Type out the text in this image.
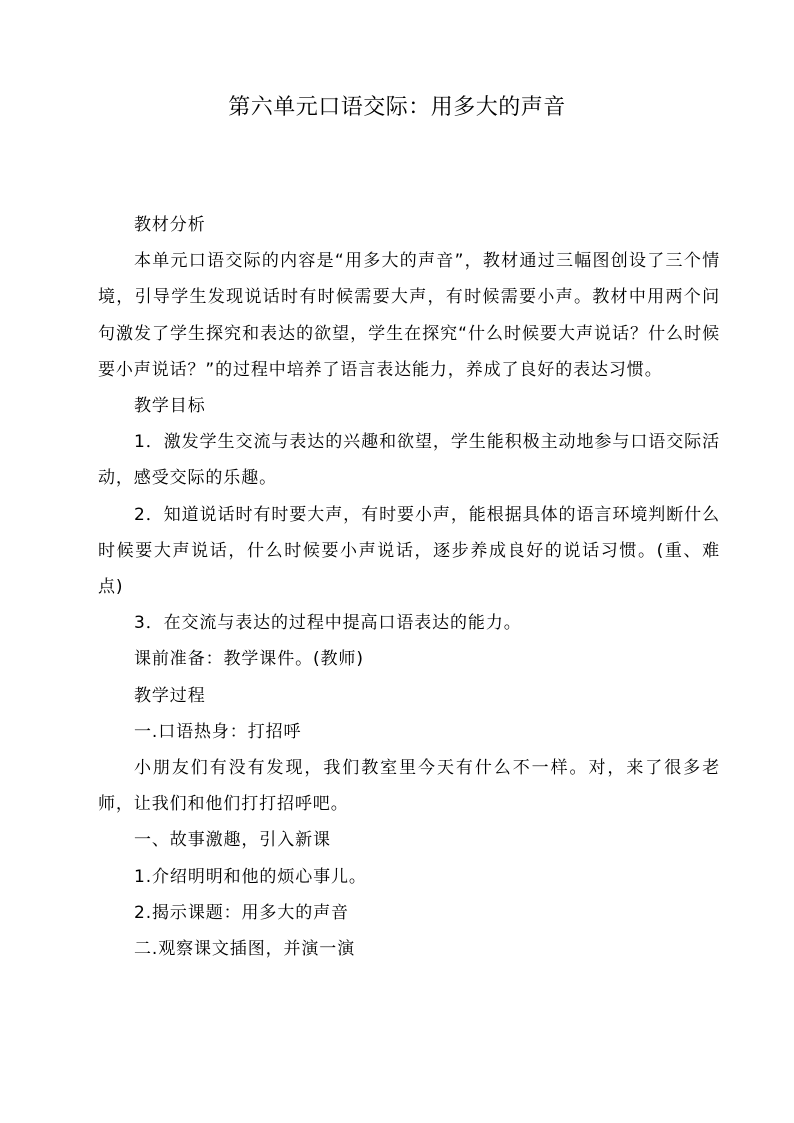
第六单元口语交际：用多大的声音

教材分析

本单元口语交际的内容是“用多大的声音”，教材通过三幅图创设了三个情境，引导学生发现说话时有时候需要大声，有时候需要小声。教材中用两个问句激发了学生探究和表达的欲望，学生在探究“什么时候要大声说话？什么时候要小声说话？”的过程中培养了语言表达能力，养成了良好的表达习惯。

教学目标

1．激发学生交流与表达的兴趣和欲望，学生能积极主动地参与口语交际活动，感受交际的乐趣。

2．知道说话时有时要大声，有时要小声，能根据具体的语言环境判断什么时候要大声说话，什么时候要小声说话，逐步养成良好的说话习惯。(重、难点)

3．在交流与表达的过程中提高口语表达的能力。

课前准备：教学课件。(教师)

教学过程

一.口语热身：打招呼

小朋友们有没有发现，我们教室里今天有什么不一样。对，来了很多老师，让我们和他们打打招呼吧。

一、故事激趣，引入新课

1.介绍明明和他的烦心事儿。

2.揭示课题：用多大的声音

二.观察课文插图，并演一演
